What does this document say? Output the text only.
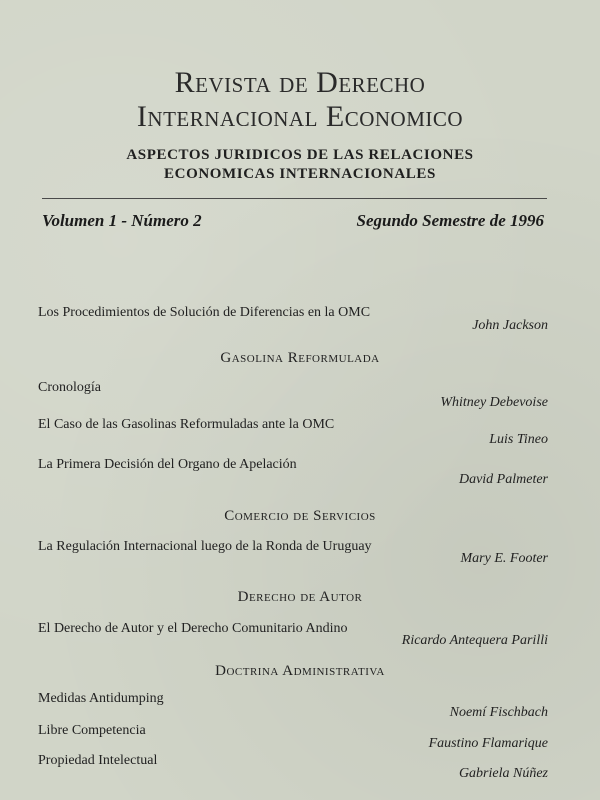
Revista de Derecho
Internacional Economico
ASPECTOS JURIDICOS DE LAS RELACIONES
ECONOMICAS INTERNACIONALES
Volumen 1 - Número 2	Segundo Semestre de 1996
Los Procedimientos de Solución de Diferencias en la OMC
John Jackson
Gasolina Reformulada
Cronología
Whitney Debevoise
El Caso de las Gasolinas Reformuladas ante la OMC
Luis Tineo
La Primera Decisión del Organo de Apelación
David Palmeter
Comercio de Servicios
La Regulación Internacional luego de la Ronda de Uruguay
Mary E. Footer
Derecho de Autor
El Derecho de Autor y el Derecho Comunitario Andino
Ricardo Antequera Parilli
Doctrina Administrativa
Medidas Antidumping
Noemí Fischbach
Libre Competencia
Faustino Flamarique
Propiedad Intelectual
Gabriela Núñez
